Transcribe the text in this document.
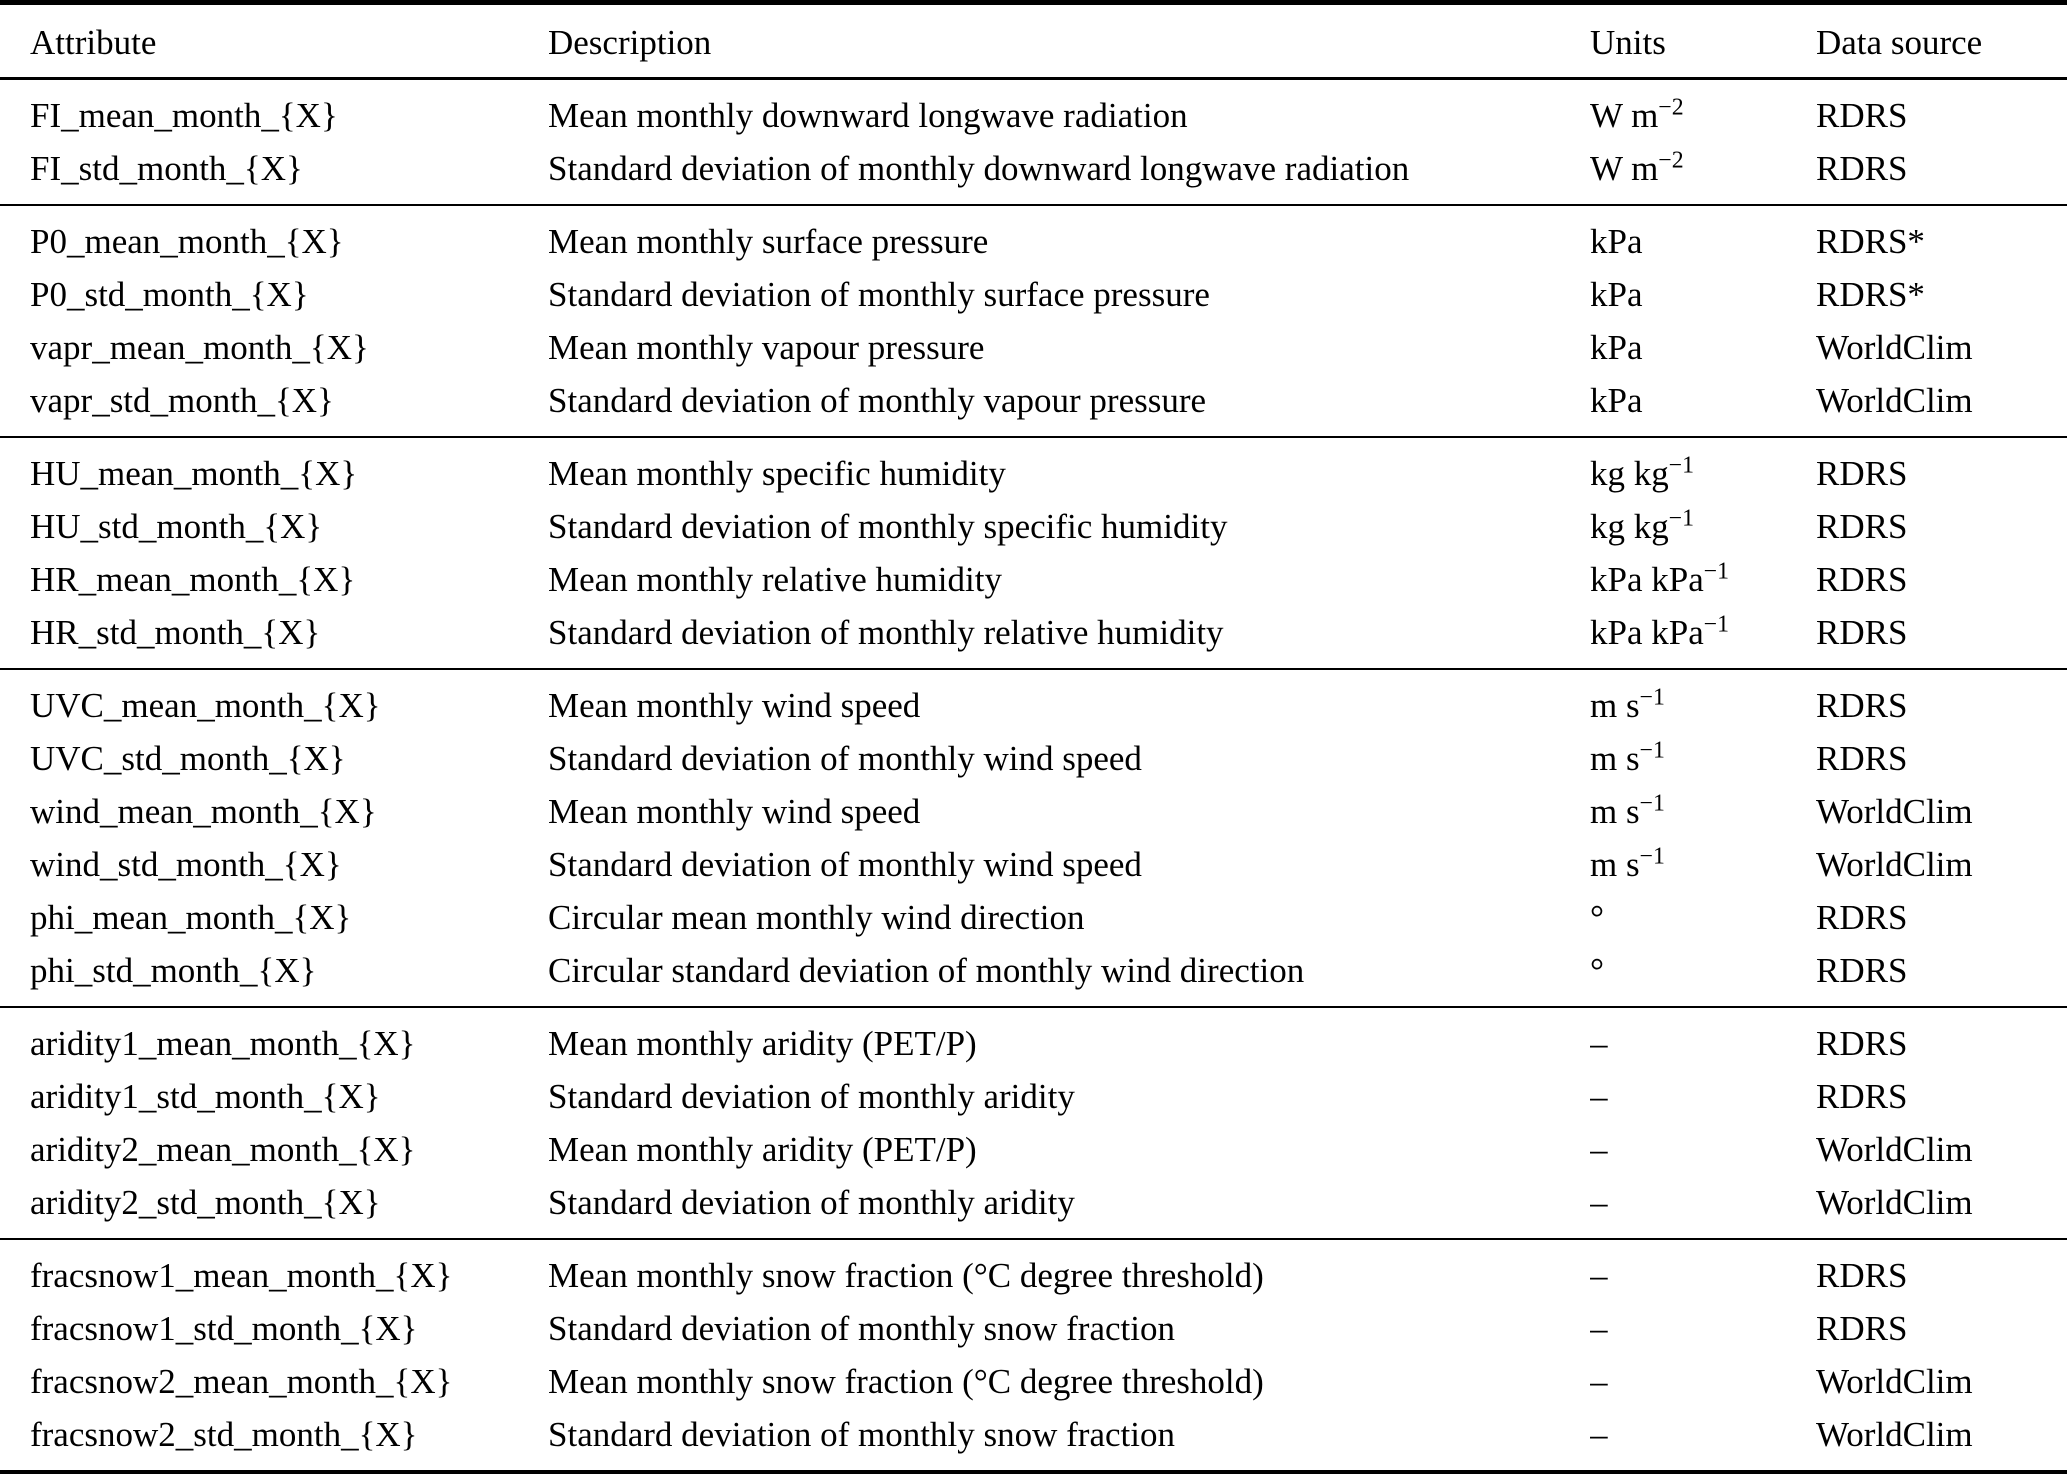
Attribute	Description	Units	Data source
FI_mean_month_{X}	Mean monthly downward longwave radiation	W $m^{-2}$	RDRS
FI_std_month_{X}	Standard deviation of monthly downward longwave radiation	W $m^{-2}$	RDRS
P0_mean_month_{X}	Mean monthly surface pressure	kPa	RDRS*
P0_std_month_{X}	Standard deviation of monthly surface pressure	kPa	RDRS*
vapr_mean_month_{X}	Mean monthly vapour pressure	kPa	WorldClim
vapr_std_month_{X}	Standard deviation of monthly vapour pressure	kPa	WorldClim
HU_mean_month_{X}	Mean monthly specific humidity	kg $kg^{-1}$	RDRS
HU_std_month_{X}	Standard deviation of monthly specific humidity	kg $kg^{-1}$	RDRS
HR_mean_month_{X}	Mean monthly relative humidity	kPa kPa$^{-1}$	RDRS
HR_std_month_{X}	Standard deviation of monthly relative humidity	kPa kPa$^{-1}$	RDRS
UVC_mean_month_{X}	Mean monthly wind speed	m $s^{-1}$	RDRS
UVC_std_month_{X}	Standard deviation of monthly wind speed	m $s^{-1}$	RDRS
wind_mean_month_{X}	Mean monthly wind speed	m $s^{-1}$	WorldClim
wind_std_month_{X}	Standard deviation of monthly wind speed	m $s^{-1}$	WorldClim
phi_mean_month_{X}	Circular mean monthly wind direction	°	RDRS
phi_std_month_{X}	Circular standard deviation of monthly wind direction	°	RDRS
aridity1_mean_month_{X}	Mean monthly aridity (PET/P)	–	RDRS
aridity1_std_month_{X}	Standard deviation of monthly aridity	–	RDRS
aridity2_mean_month_{X}	Mean monthly aridity (PET/P)	–	WorldClim
aridity2_std_month_{X}	Standard deviation of monthly aridity	–	WorldClim
fracsnow1_mean_month_{X}	Mean monthly snow fraction (°C degree threshold)	–	RDRS
fracsnow1_std_month_{X}	Standard deviation of monthly snow fraction	–	RDRS
fracsnow2_mean_month_{X}	Mean monthly snow fraction (°C degree threshold)	–	WorldClim
fracsnow2_std_month_{X}	Standard deviation of monthly snow fraction	–	WorldClim
